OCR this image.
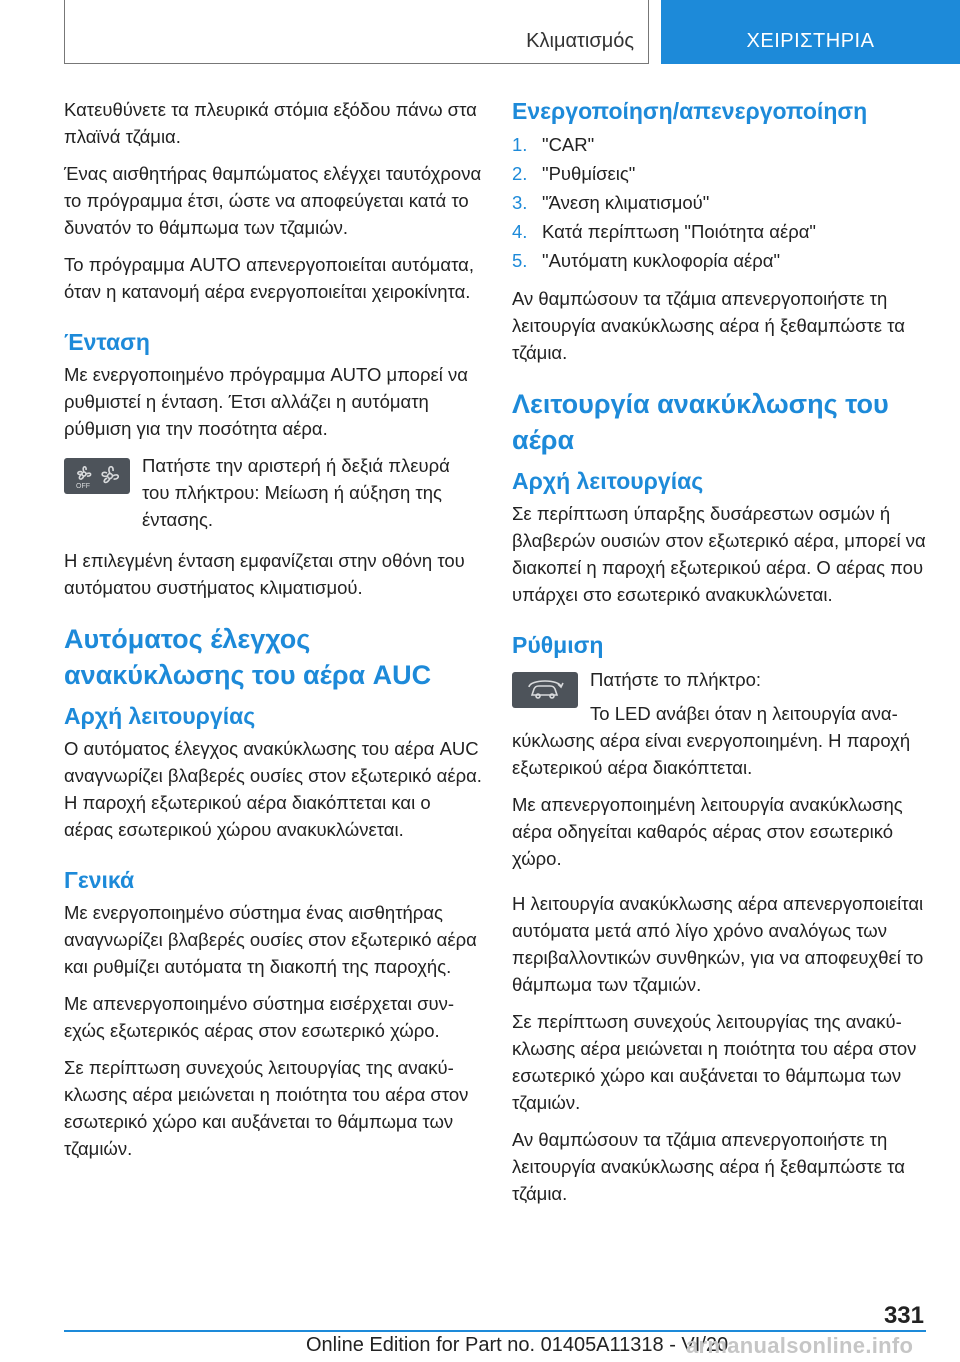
Κλιματισμός	ΧΕΙΡΙΣΤΗΡΙΑ

Κατευθύνετε τα πλευρικά στόμια εξόδου πάνω στα πλαϊνά τζάμια.

Ένας αισθητήρας θαμπώματος ελέγχει ταυτόχρονα το πρόγραμμα έτσι, ώστε να αποφεύγεται κατά το δυνατόν το θάμπωμα των τζαμιών.

Το πρόγραμμα AUTO απενεργοποιείται αυτόματα, όταν η κατανομή αέρα ενεργοποιείται χειροκίνητα.

Ένταση

Με ενεργοποιημένο πρόγραμμα AUTO μπορεί να ρυθμιστεί η ένταση. Έτσι αλλάζει η αυτόματη ρύθμιση για την ποσότητα αέρα.

OFF
Πατήστε την αριστερή ή δεξιά πλευρά του πλήκτρου: Μείωση ή αύξηση της έντασης.

Η επιλεγμένη ένταση εμφανίζεται στην οθόνη του αυτόματου συστήματος κλιματισμού.

Αυτόματος έλεγχος ανακύκλωσης του αέρα AUC
Αρχή λειτουργίας

Ο αυτόματος έλεγχος ανακύκλωσης του αέρα AUC αναγνωρίζει βλαβερές ουσίες στον εξωτερικό αέρα. Η παροχή εξωτερικού αέρα διακόπτεται και ο αέρας εσωτερικού χώρου ανακυκλώνεται.

Γενικά

Με ενεργοποιημένο σύστημα ένας αισθητήρας αναγνωρίζει βλαβερές ουσίες στον εξωτερικό αέρα και ρυθμίζει αυτόματα τη διακοπή της παροχής.

Με απενεργοποιημένο σύστημα εισέρχεται συνεχώς εξωτερικός αέρας στον εσωτερικό χώρο.

Σε περίπτωση συνεχούς λειτουργίας της ανακύκλωσης αέρα μειώνεται η ποιότητα του αέρα στον εσωτερικό χώρο και αυξάνεται το θάμπωμα των τζαμιών.

Ενεργοποίηση/απενεργοποίηση
1. "CAR"
2. "Ρυθμίσεις"
3. "Άνεση κλιματισμού"
4. Κατά περίπτωση "Ποιότητα αέρα"
5. "Αυτόματη κυκλοφορία αέρα"

Αν θαμπώσουν τα τζάμια απενεργοποιήστε τη λειτουργία ανακύκλωσης αέρα ή ξεθαμπώστε τα τζάμια.

Λειτουργία ανακύκλωσης του αέρα
Αρχή λειτουργίας

Σε περίπτωση ύπαρξης δυσάρεστων οσμών ή βλαβερών ουσιών στον εξωτερικό αέρα, μπορεί να διακοπεί η παροχή εξωτερικού αέρα. Ο αέρας που υπάρχει στο εσωτερικό ανακυκλώνεται.

Ρύθμιση
Πατήστε το πλήκτρο:

Το LED ανάβει όταν η λειτουργία ανακύκλωσης αέρα είναι ενεργοποιημένη. Η παροχή εξωτερικού αέρα διακόπτεται.

Με απενεργοποιημένη λειτουργία ανακύκλωσης αέρα οδηγείται καθαρός αέρας στον εσωτερικό χώρο.

Η λειτουργία ανακύκλωσης αέρα απενεργοποιείται αυτόματα μετά από λίγο χρόνο αναλόγως των περιβαλλοντικών συνθηκών, για να αποφευχθεί το θάμπωμα των τζαμιών.

Σε περίπτωση συνεχούς λειτουργίας της ανακύκλωσης αέρα μειώνεται η ποιότητα του αέρα στον εσωτερικό χώρο και αυξάνεται το θάμπωμα των τζαμιών.

Αν θαμπώσουν τα τζάμια απενεργοποιήστε τη λειτουργία ανακύκλωσης αέρα ή ξεθαμπώστε τα τζάμια.

331
Online Edition for Part no. 01405A11318 - VI/20
armanualsonline.info
